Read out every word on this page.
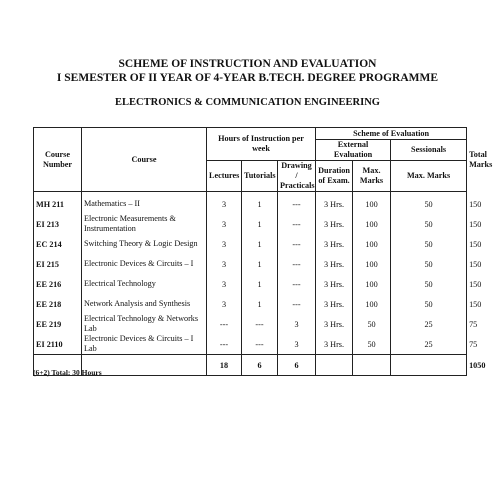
SCHEME OF INSTRUCTION AND EVALUATION
I SEMESTER OF II YEAR OF 4-YEAR B.TECH. DEGREE PROGRAMME
ELECTRONICS & COMMUNICATION ENGINEERING
Course Number	Course	Hours of Instruction per week			Scheme of Evaluation			Total Marks
					External Evaluation		Sessionals	
		Lectures	Tutorials	Drawing / Practicals	Duration of Exam.	Max. Marks	Max. Marks	
MH 211	Mathematics – II	3	1	---	3 Hrs.	100	50	150
EI 213	Electronic Measurements & Instrumentation	3	1	---	3 Hrs.	100	50	150
EC 214	Switching Theory & Logic Design	3	1	---	3 Hrs.	100	50	150
EI 215	Electronic Devices & Circuits – I	3	1	---	3 Hrs.	100	50	150
EE 216	Electrical Technology	3	1	---	3 Hrs.	100	50	150
EE 218	Network Analysis and Synthesis	3	1	---	3 Hrs.	100	50	150
EE 219	Electrical Technology & Networks Lab	---	---	3	3 Hrs.	50	25	75
EI 2110	Electronic Devices & Circuits – I Lab	---	---	3	3 Hrs.	50	25	75
		18	6	6				1050
(6+2) Total: 30 Hours
